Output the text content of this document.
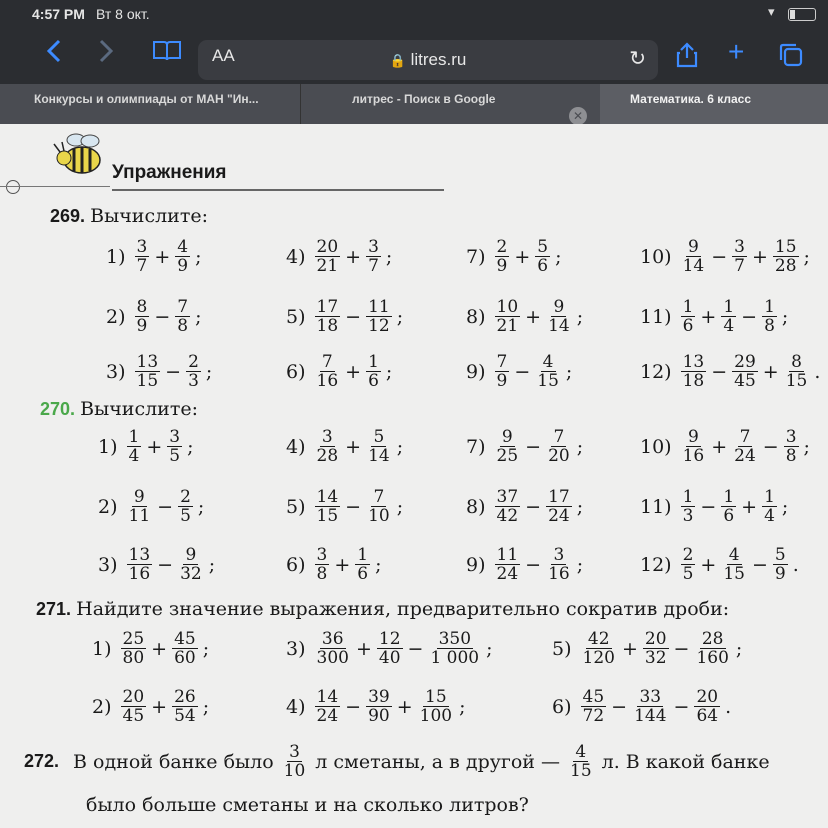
4:57 PM Вт 8 окт.	▾
AA	🔒 litres.ru	↻	+
Конкурсы и олимпиады от МАН "Ин...	литрес - Поиск в Google	Математика. 6 класс
✕
Упражнения
269. Вычислите:
270. Вычислите:
271. Найдите значение выражения, предварительно сократив дроби:
$1) \frac{3}{7} + \frac{4}{9}$ ;	$4) \frac{20}{21} + \frac{3}{7}$ ;	$7) \frac{2}{9} + \frac{5}{6}$ ;	$10) \frac{9}{14} - \frac{3}{7} + \frac{15}{28}$ ;
$2) \frac{8}{9} - \frac{7}{8}$ ;	$5) \frac{17}{18} - \frac{11}{12}$ ;	$8) \frac{10}{21} + \frac{9}{14}$ ;	$11) \frac{1}{6} + \frac{1}{4} - \frac{1}{8}$ ;
$3) \frac{13}{15} - \frac{2}{3}$ ;	$6) \frac{7}{16} + \frac{1}{6}$ ;	$9) \frac{7}{9} - \frac{4}{15}$ ;	$12) \frac{13}{18} - \frac{29}{45} + \frac{8}{15}$ .
$1) \frac{1}{4} + \frac{3}{5}$ ;	$4) \frac{3}{28} + \frac{5}{14}$ ;	$7) \frac{9}{25} - \frac{7}{20}$ ;	$10) \frac{9}{16} + \frac{7}{24} - \frac{3}{8}$ ;
$2) \frac{9}{11} - \frac{2}{5}$ ;	$5) \frac{14}{15} - \frac{7}{10}$ ;	$8) \frac{37}{42} - \frac{17}{24}$ ;	$11) \frac{1}{3} - \frac{1}{6} + \frac{1}{4}$ ;
$3) \frac{13}{16} - \frac{9}{32}$ ;	$6) \frac{3}{8} + \frac{1}{6}$ ;	$9) \frac{11}{24} - \frac{3}{16}$ ;	$12) \frac{2}{5} + \frac{4}{15} - \frac{5}{9}$ .
$1) \frac{25}{80} + \frac{45}{60}$ ;	$3) \frac{36}{300} + \frac{12}{40} - \frac{350}{1 000}$ ;	$5) \frac{42}{120} + \frac{20}{32} - \frac{28}{160}$ ;
$2) \frac{20}{45} + \frac{26}{54}$ ;	$4) \frac{14}{24} - \frac{39}{90} + \frac{15}{100}$ ;	$6) \frac{45}{72} - \frac{33}{144} - \frac{20}{64}$ .
272. В одной банке было $\frac{3}{10}$ л сметаны, а в другой — $\frac{4}{15} л$. В какой банке
было больше сметаны и на сколько литров?
